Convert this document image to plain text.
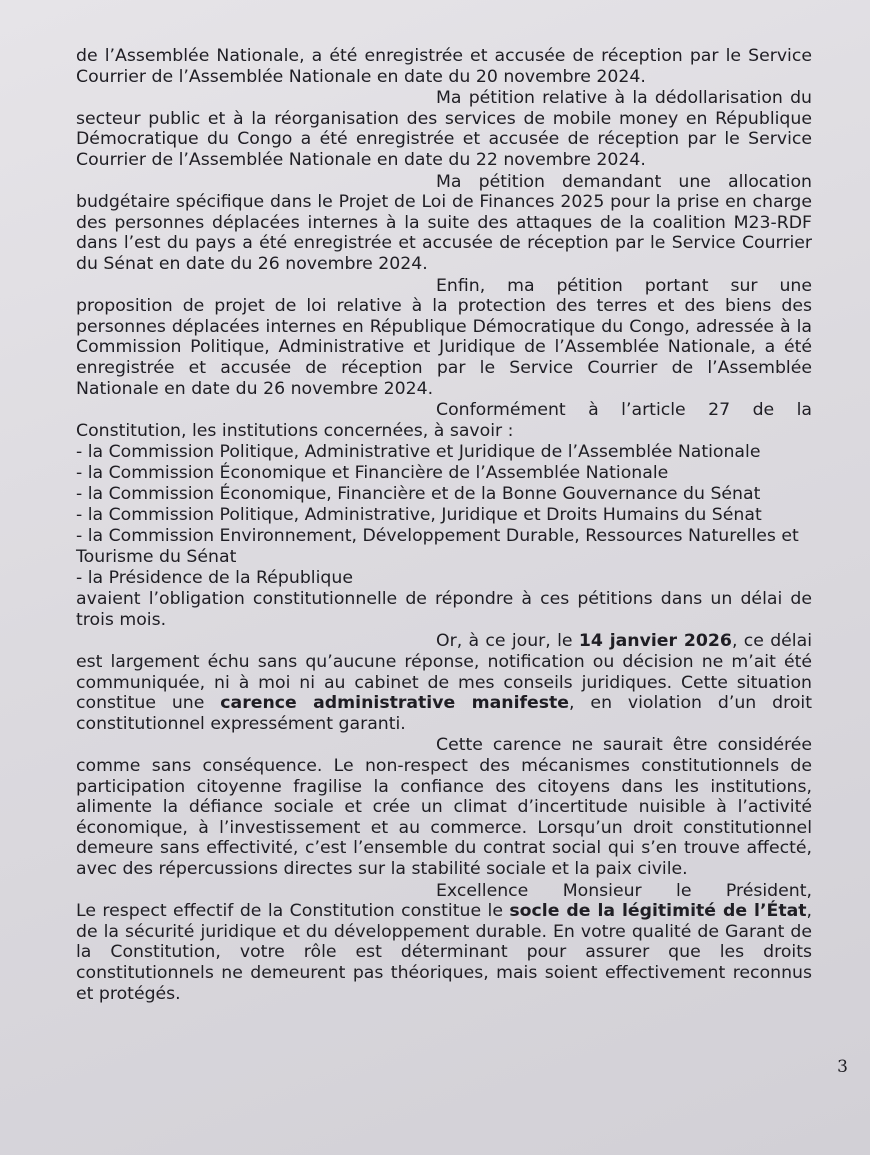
de l’Assemblée Nationale, a été enregistrée et accusée de réception par le Service Courrier de l’Assemblée Nationale en date du 20 novembre 2024.

Ma pétition relative à la dédollarisation du
secteur public et à la réorganisation des services de mobile money en République Démocratique du Congo a été enregistrée et accusée de réception par le Service Courrier de l’Assemblée Nationale en date du 22 novembre 2024.

Ma pétition demandant une allocation
budgétaire spécifique dans le Projet de Loi de Finances 2025 pour la prise en charge des personnes déplacées internes à la suite des attaques de la coalition M23-RDF dans l’est du pays a été enregistrée et accusée de réception par le Service Courrier du Sénat en date du 26 novembre 2024.

Enfin, ma pétition portant sur une
proposition de projet de loi relative à la protection des terres et des biens des personnes déplacées internes en République Démocratique du Congo, adressée à la Commission Politique, Administrative et Juridique de l’Assemblée Nationale, a été enregistrée et accusée de réception par le Service Courrier de l’Assemblée Nationale en date du 26 novembre 2024.

Conformément à l’article 27 de la
Constitution, les institutions concernées, à savoir :

- la Commission Politique, Administrative et Juridique de l’Assemblée Nationale
- la Commission Économique et Financière de l’Assemblée Nationale
- la Commission Économique, Financière et de la Bonne Gouvernance du Sénat
- la Commission Politique, Administrative, Juridique et Droits Humains du Sénat
- la Commission Environnement, Développement Durable, Ressources Naturelles et Tourisme du Sénat
- la Présidence de la République

avaient l’obligation constitutionnelle de répondre à ces pétitions dans un délai de trois mois.

Or, à ce jour, le 14 janvier 2026, ce délai
est largement échu sans qu’aucune réponse, notification ou décision ne m’ait été communiquée, ni à moi ni au cabinet de mes conseils juridiques. Cette situation constitue une carence administrative manifeste, en violation d’un droit constitutionnel expressément garanti.

Cette carence ne saurait être considérée
comme sans conséquence. Le non-respect des mécanismes constitutionnels de participation citoyenne fragilise la confiance des citoyens dans les institutions, alimente la défiance sociale et crée un climat d’incertitude nuisible à l’activité économique, à l’investissement et au commerce. Lorsqu’un droit constitutionnel demeure sans effectivité, c’est l’ensemble du contrat social qui s’en trouve affecté, avec des répercussions directes sur la stabilité sociale et la paix civile.

Excellence Monsieur le Président,
Le respect effectif de la Constitution constitue le socle de la légitimité de l’État, de la sécurité juridique et du développement durable. En votre qualité de Garant de la Constitution, votre rôle est déterminant pour assurer que les droits constitutionnels ne demeurent pas théoriques, mais soient effectivement reconnus et protégés.

3
